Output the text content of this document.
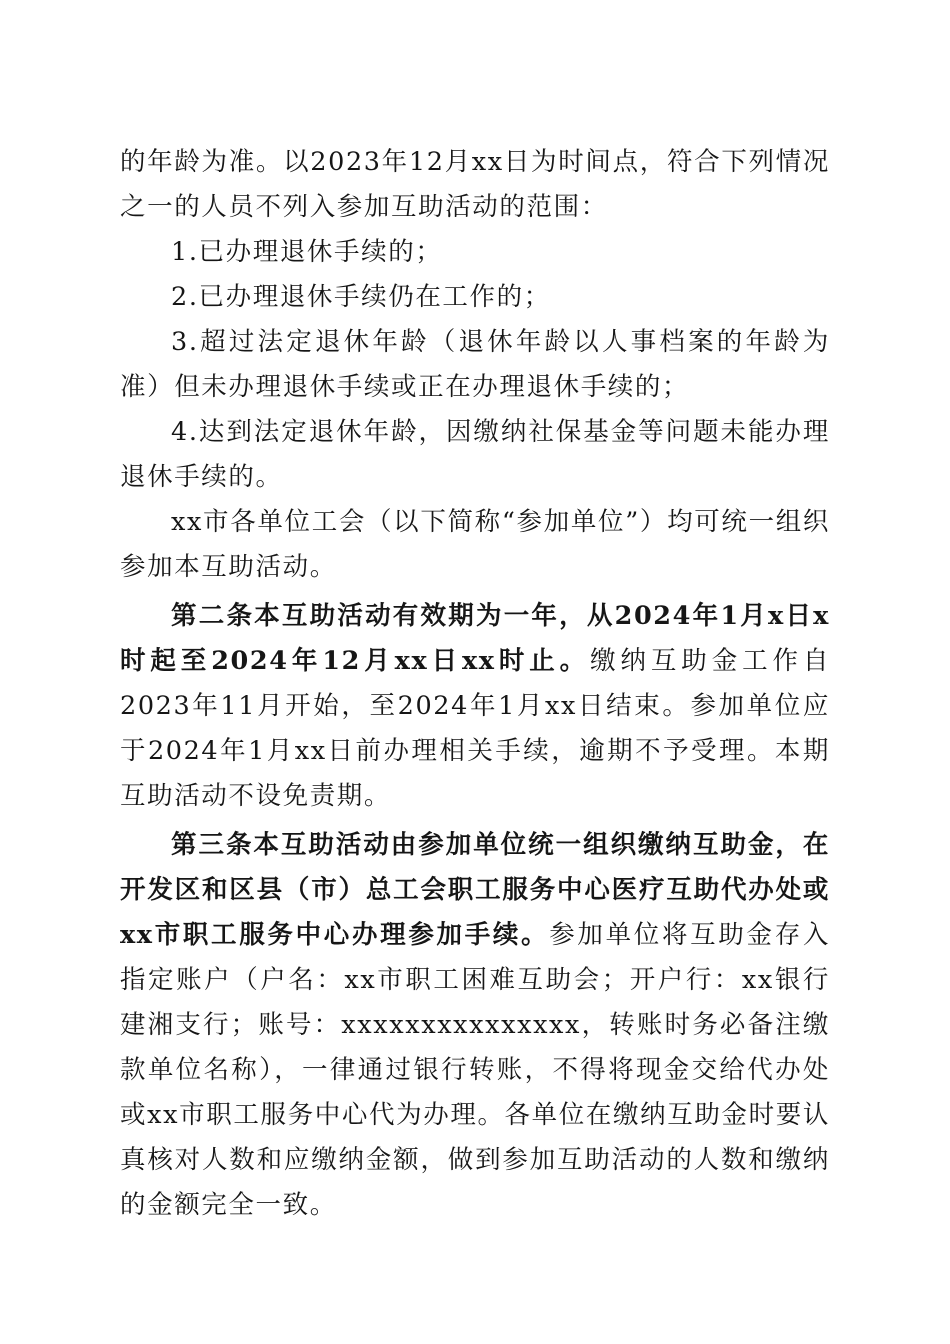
的年龄为准。以2023年12月xx日为时间点，符合下列情况之一的人员不列入参加互助活动的范围：

1.已办理退休手续的；

2.已办理退休手续仍在工作的；

3.超过法定退休年龄（退休年龄以人事档案的年龄为准）但未办理退休手续或正在办理退休手续的；

4.达到法定退休年龄，因缴纳社保基金等问题未能办理退休手续的。

xx市各单位工会（以下简称“参加单位”）均可统一组织参加本互助活动。

第二条本互助活动有效期为一年，从2024年1月x日x时起至2024年12月xx日xx时止。缴纳互助金工作自2023年11月开始，至2024年1月xx日结束。参加单位应于2024年1月xx日前办理相关手续，逾期不予受理。本期互助活动不设免责期。

第三条本互助活动由参加单位统一组织缴纳互助金，在开发区和区县（市）总工会职工服务中心医疗互助代办处或xx市职工服务中心办理参加手续。参加单位将互助金存入指定账户（户名：xx市职工困难互助会；开户行：xx银行建湘支行；账号：xxxxxxxxxxxxxxx，转账时务必备注缴款单位名称），一律通过银行转账，不得将现金交给代办处或xx市职工服务中心代为办理。各单位在缴纳互助金时要认真核对人数和应缴纳金额，做到参加互助活动的人数和缴纳的金额完全一致。
